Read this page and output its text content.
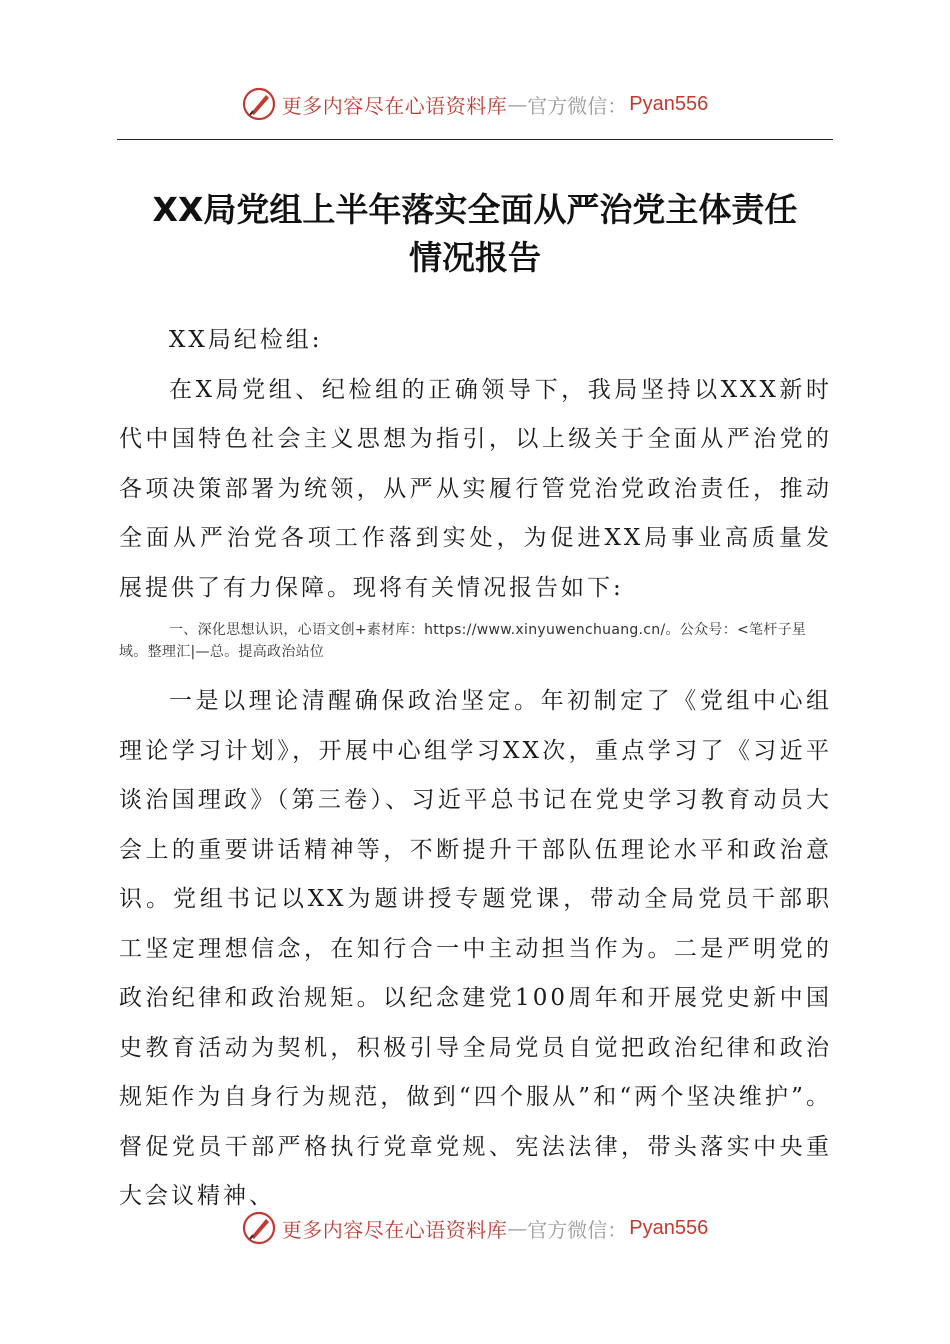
更多内容尽在心语资料库 — 官方微信： Pyan556
XX局党组上半年落实全面从严治党主体责任
情况报告

XX局纪检组:

在X局党组、纪检组的正确领导下，我局坚持以XXX新时代中国特色社会主义思想为指引，以上级关于全面从严治党的各项决策部署为统领，从严从实履行管党治党政治责任，推动全面从严治党各项工作落到实处，为促进XX局事业高质量发展提供了有力保障。现将有关情况报告如下:

一、深化思想认识，心语文创+素材库：https://www.xinyuwenchuang.cn/。公众号：<笔杆子星域。整理汇|—总。提高政治站位

一是以理论清醒确保政治坚定。年初制定了《党组中心组理论学习计划》，开展中心组学习XX次，重点学习了《习近平谈治国理政》（第三卷）、习近平总书记在党史学习教育动员大会上的重要讲话精神等，不断提升干部队伍理论水平和政治意识。党组书记以XX为题讲授专题党课，带动全局党员干部职工坚定理想信念，在知行合一中主动担当作为。二是严明党的政治纪律和政治规矩。以纪念建党100周年和开展党史新中国史教育活动为契机，积极引导全局党员自觉把政治纪律和政治规矩作为自身行为规范，做到“四个服从”和“两个坚决维护”。督促党员干部严格执行党章党规、宪法法律，带头落实中央重大会议精神、

更多内容尽在心语资料库 — 官方微信： Pyan556
